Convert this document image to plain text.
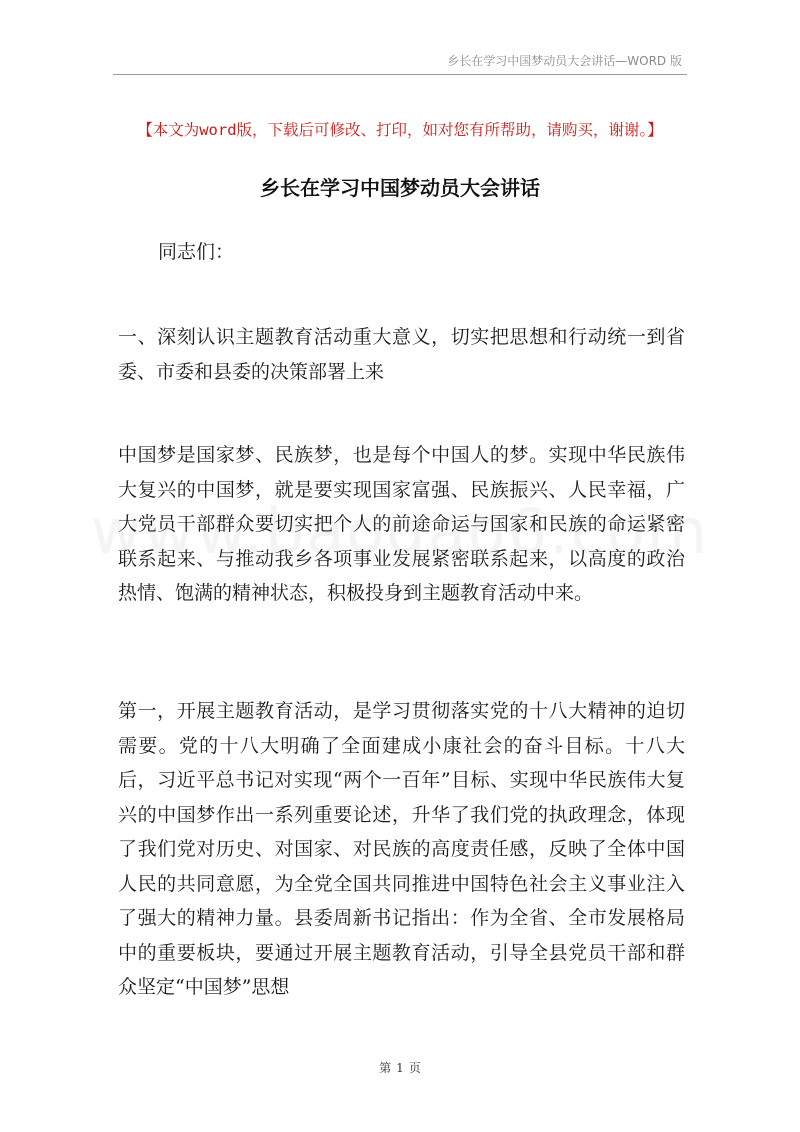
乡长在学习中国梦动员大会讲话—WORD 版
【本文为word版，下载后可修改、打印，如对您有所帮助，请购买，谢谢。】
乡长在学习中国梦动员大会讲话
同志们：

一、深刻认识主题教育活动重大意义，切实把思想和行动统一到省委、市委和县委的决策部署上来

中国梦是国家梦、民族梦，也是每个中国人的梦。实现中华民族伟大复兴的中国梦，就是要实现国家富强、民族振兴、人民幸福，广大党员干部群众要切实把个人的前途命运与国家和民族的命运紧密联系起来、与推动我乡各项事业发展紧密联系起来，以高度的政治热情、饱满的精神状态，积极投身到主题教育活动中来。

第一，开展主题教育活动，是学习贯彻落实党的十八大精神的迫切需要。党的十八大明确了全面建成小康社会的奋斗目标。十八大后，习近平总书记对实现“两个一百年”目标、实现中华民族伟大复兴的中国梦作出一系列重要论述，升华了我们党的执政理念，体现了我们党对历史、对国家、对民族的高度责任感，反映了全体中国人民的共同意愿，为全党全国共同推进中国特色社会主义事业注入了强大的精神力量。县委周新书记指出：作为全省、全市发展格局中的重要板块，要通过开展主题教育活动，引导全县党员干部和群众坚定“中国梦”思想

第 1 页
